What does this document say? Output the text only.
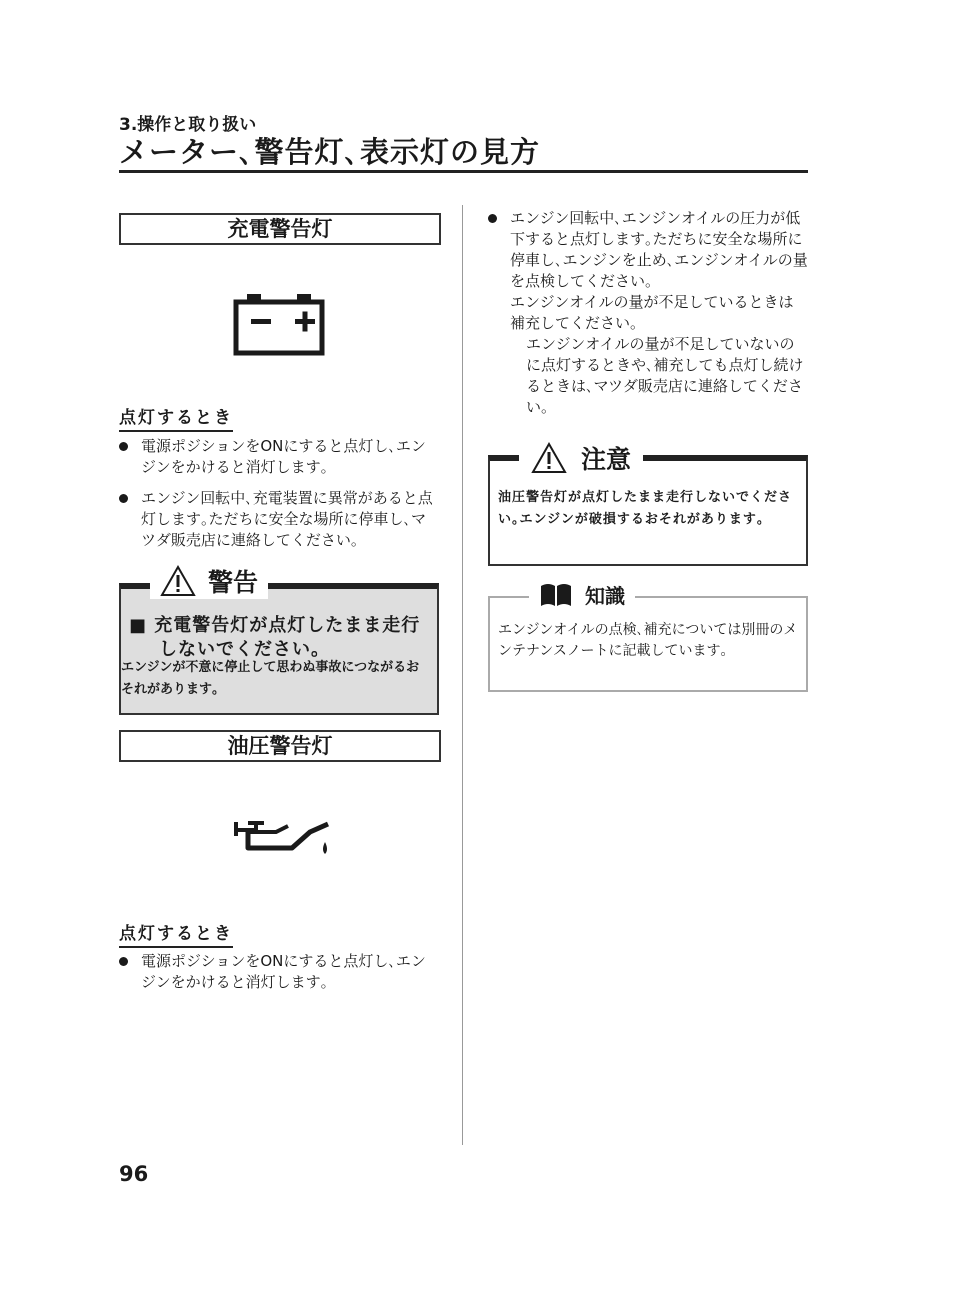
3.操作と取り扱い
メーター､警告灯､表示灯の見方
充電警告灯
点灯するとき
電源ポジションをONにすると点灯し､エンジンをかけると消灯します｡
エンジン回転中､充電装置に異常があると点灯します｡ただちに安全な場所に停車し､マツダ販売店に連絡してください｡
警告
■ 充電警告灯が点灯したまま走行
しないでください｡
エンジンが不意に停止して思わぬ事故につながるおそれがあります｡
油圧警告灯
点灯するとき
電源ポジションをONにすると点灯し､エンジンをかけると消灯します｡
エンジン回転中､エンジンオイルの圧力が低下すると点灯します｡ただちに安全な場所に停車し､エンジンを止め､エンジンオイルの量を点検してください｡
エンジンオイルの量が不足しているときは補充してください｡
エンジンオイルの量が不足していないのに点灯するときや､補充しても点灯し続けるときは､マツダ販売店に連絡してください｡
注意
油圧警告灯が点灯したまま走行しないでください｡エンジンが破損するおそれがあります｡
知識
エンジンオイルの点検､補充については別冊のメンテナンスノートに記載しています｡
96
